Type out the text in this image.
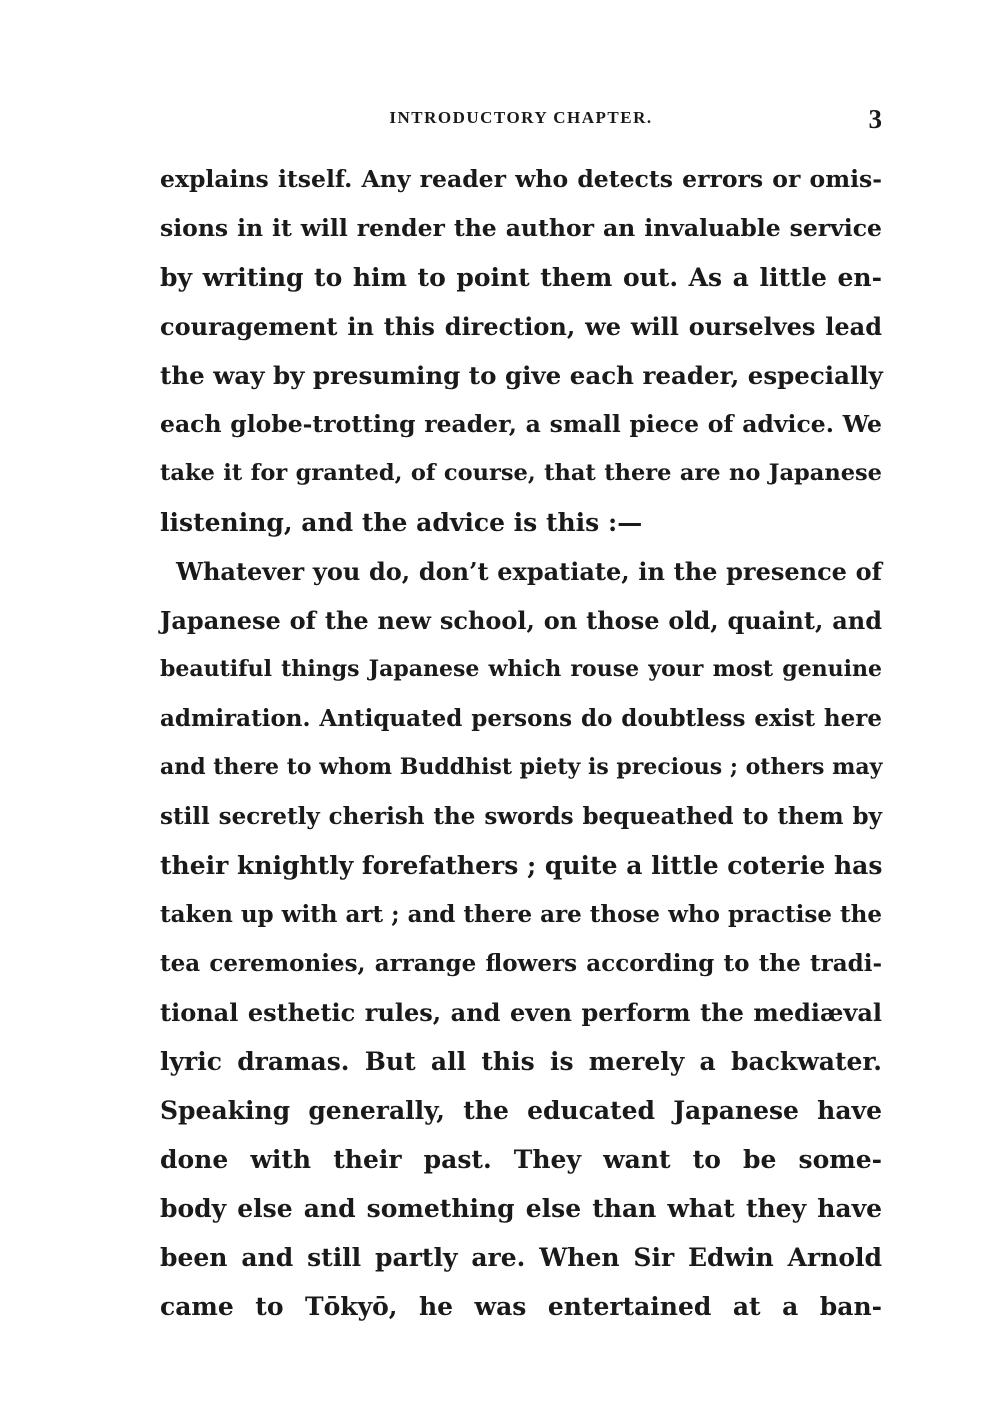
INTRODUCTORY CHAPTER.	3
explains itself. Any reader who detects errors or omis-
sions in it will render the author an invaluable service
by writing to him to point them out. As a little en-
couragement in this direction, we will ourselves lead
the way by presuming to give each reader, especially
each globe-trotting reader, a small piece of advice. We
take it for granted, of course, that there are no Japanese
listening, and the advice is this :—
Whatever you do, don’t expatiate, in the presence of
Japanese of the new school, on those old, quaint, and
beautiful things Japanese which rouse your most genuine
admiration. Antiquated persons do doubtless exist here
and there to whom Buddhist piety is precious ; others may
still secretly cherish the swords bequeathed to them by
their knightly forefathers ; quite a little coterie has
taken up with art ; and there are those who practise the
tea ceremonies, arrange flowers according to the tradi-
tional esthetic rules, and even perform the mediæval
lyric dramas. But all this is merely a backwater.
Speaking generally, the educated Japanese have
done with their past. They want to be some-
body else and something else than what they have
been and still partly are. When Sir Edwin Arnold
came to Tōkyō, he was entertained at a ban-
